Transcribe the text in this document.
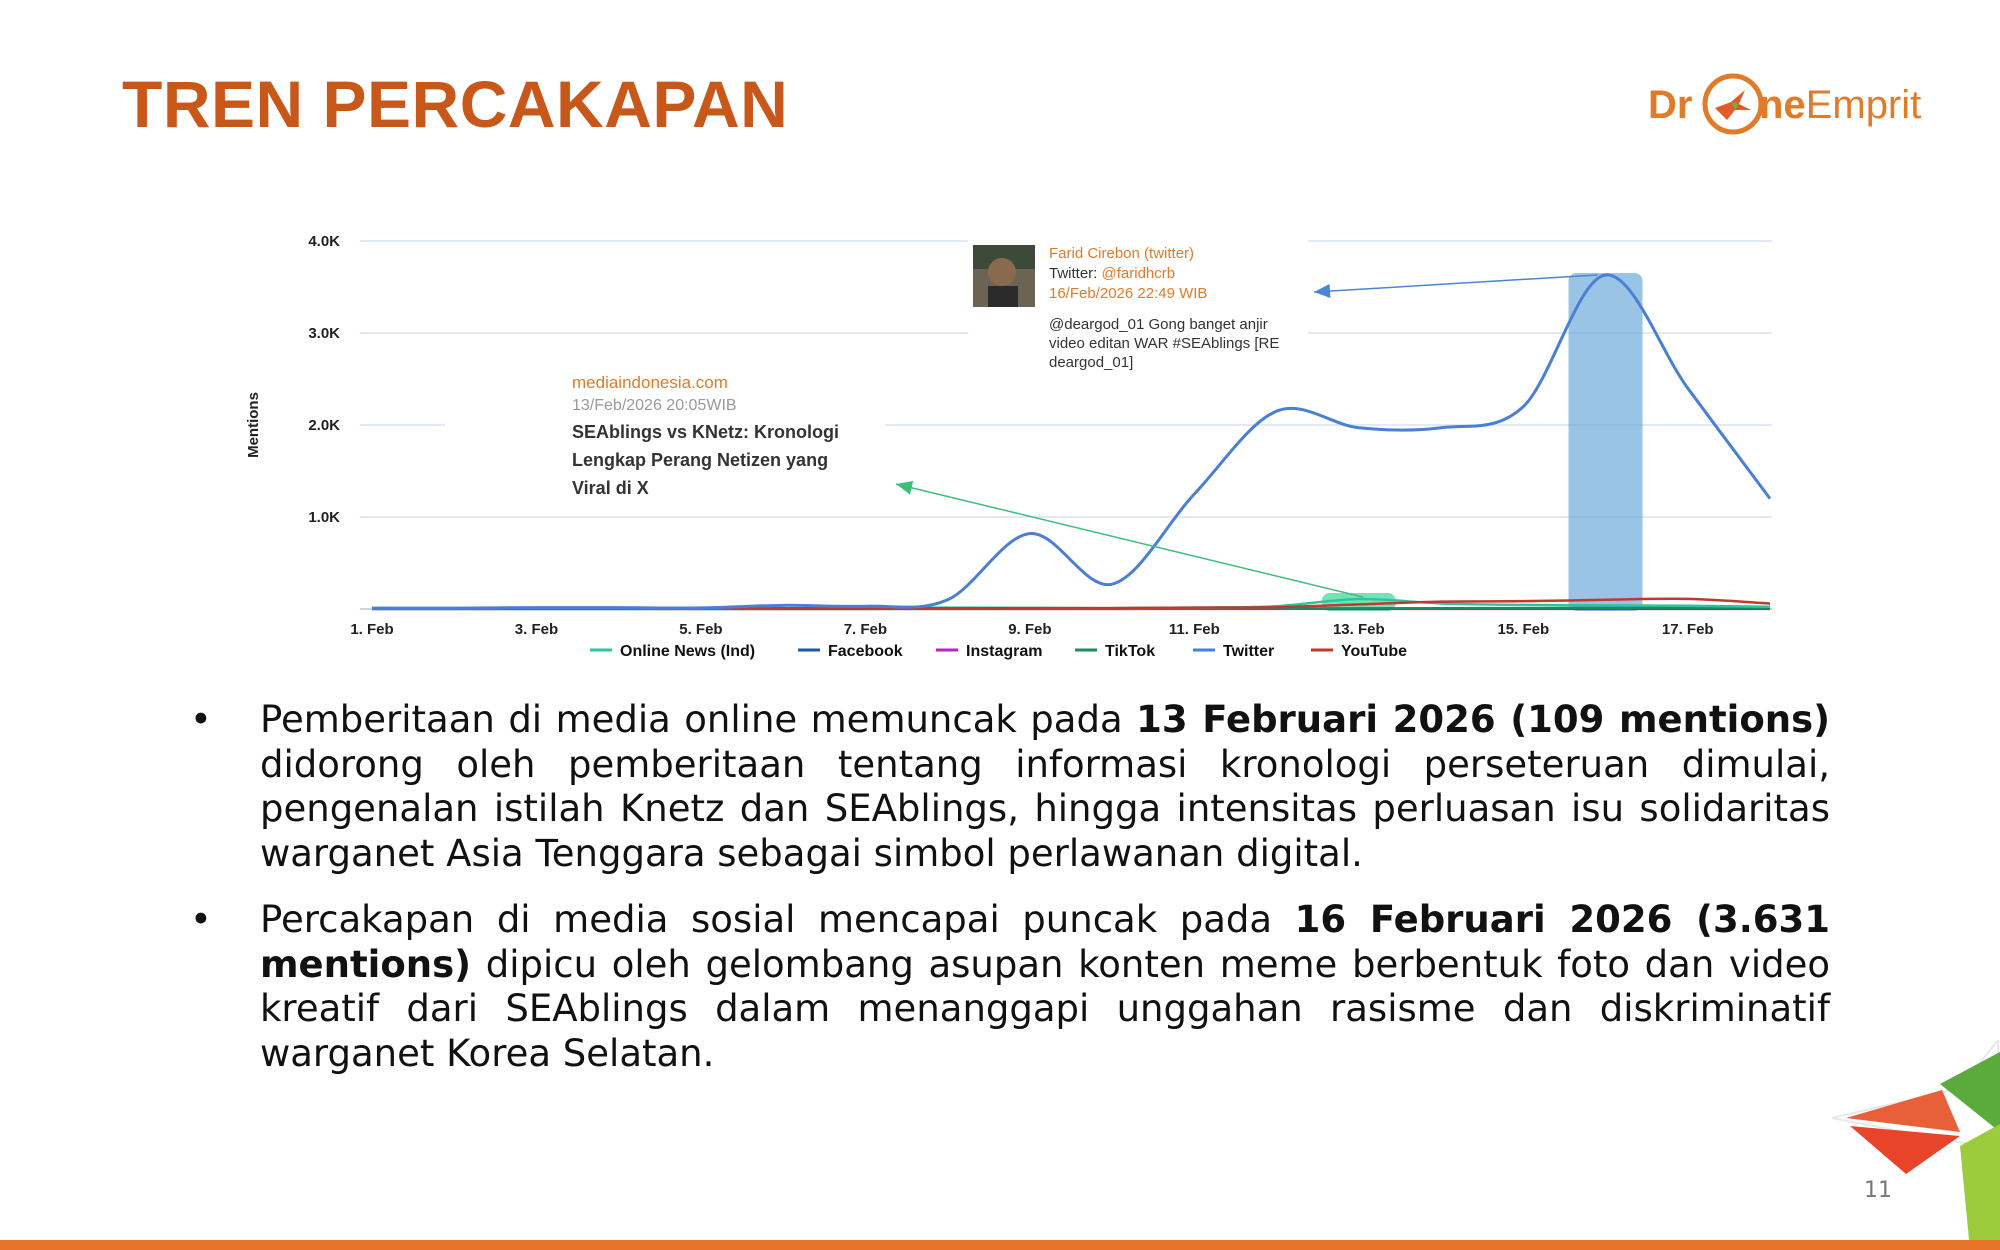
TREN PERCAKAPAN	Dr neEmprit
1.0K
2.0K
3.0K
4.0K
1. Feb	3. Feb	5. Feb	7. Feb	9. Feb	11. Feb	13. Feb	15. Feb	17. Feb
Mentions
mediaindonesia.com
13/Feb/2026 20:05WIB
SEAblings vs KNetz: Kronologi
Lengkap Perang Netizen yang
Viral di X
Farid Cirebon (twitter)
Twitter: @faridhcrb
16/Feb/2026 22:49 WIB
@deargod_01 Gong banget anjir
video editan WAR #SEAblings [RE
deargod_01]
Online News (Ind)	Facebook	Instagram	TikTok	Twitter	YouTube
• Pemberitaan di media online memuncak pada 13 Februari 2026 (109 mentions) didorong oleh pemberitaan tentang informasi kronologi perseteruan dimulai, pengenalan istilah Knetz dan SEAblings, hingga intensitas perluasan isu solidaritas warganet Asia Tenggara sebagai simbol perlawanan digital.
• Percakapan di media sosial mencapai puncak pada 16 Februari 2026 (3.631 mentions) dipicu oleh gelombang asupan konten meme berbentuk foto dan video kreatif dari SEAblings dalam menanggapi unggahan rasisme dan diskriminatif warganet Korea Selatan.
11
